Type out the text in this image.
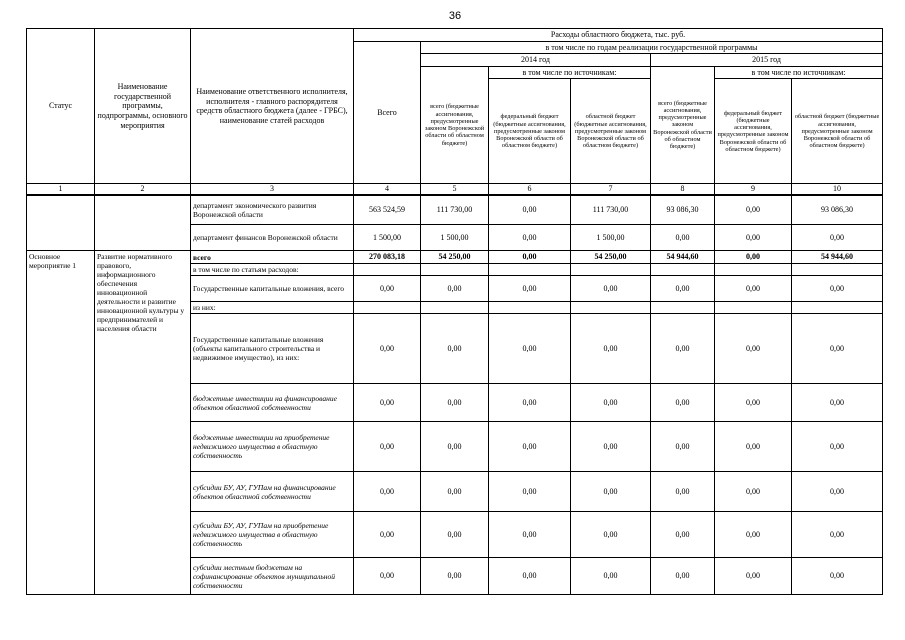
36
Статус	Наименование государственной программы, подпрограммы, основного мероприятия	Наименование ответственного исполнителя, исполнителя - главного распорядителя средств областного бюджета (далее - ГРБС), наименование статей расходов	Расходы областного бюджета, тыс. руб.						
			Всего	в том числе по годам реализации государственной программы					
				2014 год			2015 год		
				всего (бюджетные ассигнования, предусмотренные законом Воронежской области об областном бюджете)	в том числе по источникам:		всего (бюджетные ассигнования, предусмотренные законом Воронежской области об областном бюджете)	в том числе по источникам:	
					федеральный бюджет (бюджетные ассигнования, предусмотренные законом Воронежской области об областном бюджете)	областной бюджет (бюджетные ассигнования, предусмотренные законом Воронежской области об областном бюджете)		федеральный бюджет (бюджетные ассигнования, предусмотренные законом Воронежской области об областном бюджете)	областной бюджет (бюджетные ассигнования, предусмотренные законом Воронежской области об областном бюджете)
1	2	3	4	5	6	7	8	9	10
		департамент экономического развития Воронежской области	563 524,59	111 730,00	0,00	111 730,00	93 086,30	0,00	93 086,30
		департамент финансов Воронежской области	1 500,00	1 500,00	0,00	1 500,00	0,00	0,00	0,00
Основное мероприятие 1	Развитие нормативного правового, информационного обеспечения инновационной деятельности и развитие инновационной культуры у предпринимателей и населения области	всего	270 083,18	54 250,00	0,00	54 250,00	54 944,60	0,00	54 944,60
		в том числе по статьям расходов:							
		Государственные капитальные вложения, всего	0,00	0,00	0,00	0,00	0,00	0,00	0,00
		из них:							
		Государственные капитальные вложения (объекты капитального строительства и недвижимое имущество), из них:	0,00	0,00	0,00	0,00	0,00	0,00	0,00
		бюджетные инвестиции на финансирование объектов областной собственности	0,00	0,00	0,00	0,00	0,00	0,00	0,00
		бюджетные инвестиции на приобретение недвижимого имущества в областную собственность	0,00	0,00	0,00	0,00	0,00	0,00	0,00
		субсидии БУ, АУ, ГУПам на финансирование объектов областной собственности	0,00	0,00	0,00	0,00	0,00	0,00	0,00
		субсидии БУ, АУ, ГУПам на приобретение недвижимого имущества в областную собственность	0,00	0,00	0,00	0,00	0,00	0,00	0,00
		субсидии местным бюджетам на софинансирование объектов муниципальной собственности	0,00	0,00	0,00	0,00	0,00	0,00	0,00
